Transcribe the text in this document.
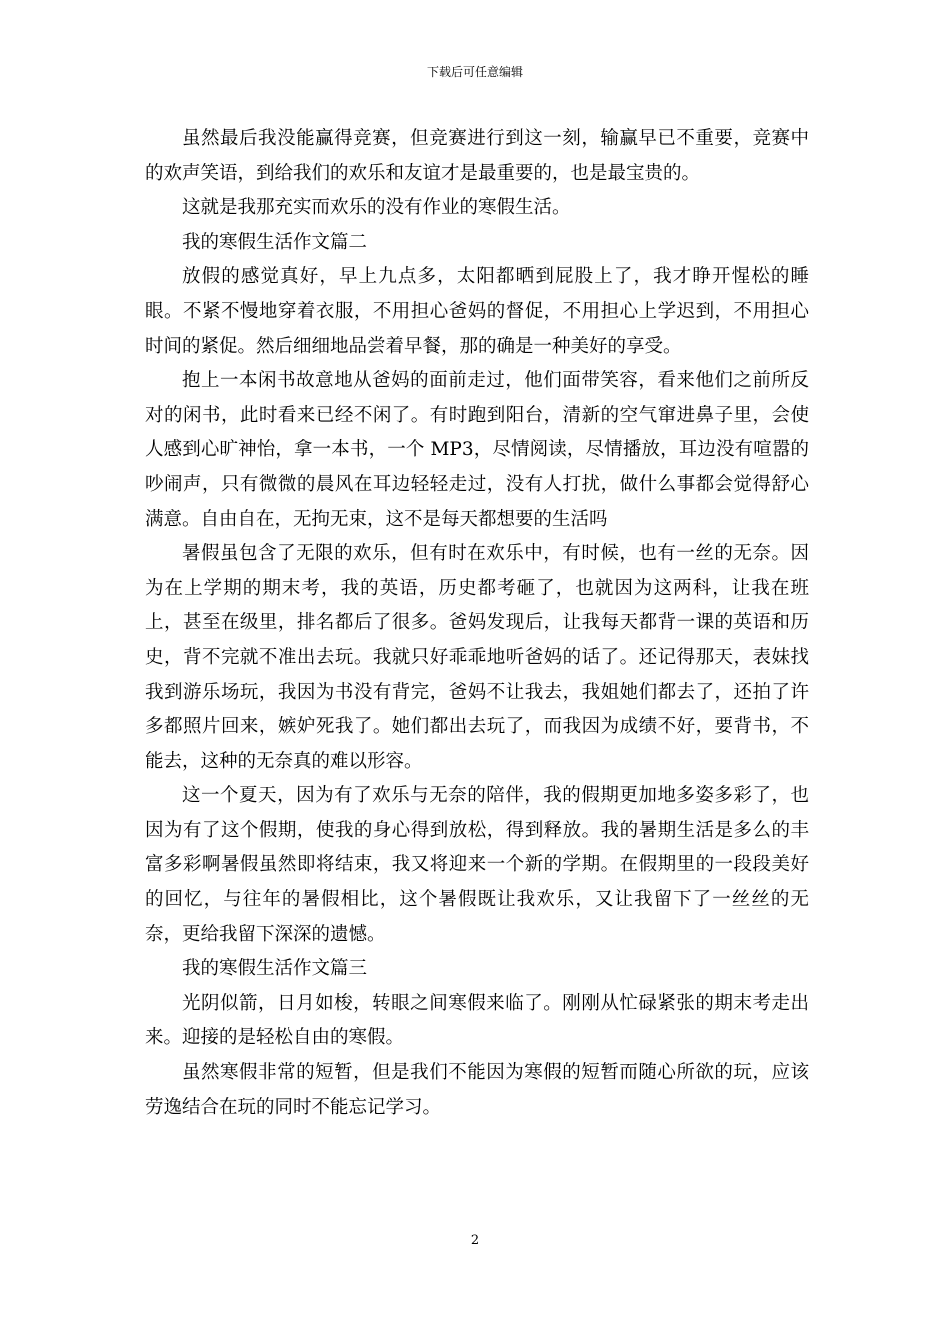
下载后可任意编辑

虽然最后我没能赢得竞赛，但竞赛进行到这一刻，输赢早已不重要，竞赛中的欢声笑语，到给我们的欢乐和友谊才是最重要的，也是最宝贵的。

这就是我那充实而欢乐的没有作业的寒假生活。

我的寒假生活作文篇二

放假的感觉真好，早上九点多，太阳都晒到屁股上了，我才睁开惺松的睡眼。不紧不慢地穿着衣服，不用担心爸妈的督促，不用担心上学迟到，不用担心时间的紧促。然后细细地品尝着早餐，那的确是一种美好的享受。

抱上一本闲书故意地从爸妈的面前走过，他们面带笑容，看来他们之前所反对的闲书，此时看来已经不闲了。有时跑到阳台，清新的空气窜进鼻子里，会使人感到心旷神怡，拿一本书，一个 MP3，尽情阅读，尽情播放，耳边没有喧嚣的吵闹声，只有微微的晨风在耳边轻轻走过，没有人打扰，做什么事都会觉得舒心满意。自由自在，无拘无束，这不是每天都想要的生活吗

暑假虽包含了无限的欢乐，但有时在欢乐中，有时候，也有一丝的无奈。因为在上学期的期末考，我的英语，历史都考砸了，也就因为这两科，让我在班上，甚至在级里，排名都后了很多。爸妈发现后，让我每天都背一课的英语和历史，背不完就不准出去玩。我就只好乖乖地听爸妈的话了。还记得那天，表妹找我到游乐场玩，我因为书没有背完，爸妈不让我去，我姐她们都去了，还拍了许多都照片回来，嫉妒死我了。她们都出去玩了，而我因为成绩不好，要背书，不能去，这种的无奈真的难以形容。

这一个夏天，因为有了欢乐与无奈的陪伴，我的假期更加地多姿多彩了，也因为有了这个假期，使我的身心得到放松，得到释放。我的暑期生活是多么的丰富多彩啊暑假虽然即将结束，我又将迎来一个新的学期。在假期里的一段段美好的回忆，与往年的暑假相比，这个暑假既让我欢乐，又让我留下了一丝丝的无奈，更给我留下深深的遗憾。

我的寒假生活作文篇三

光阴似箭，日月如梭，转眼之间寒假来临了。刚刚从忙碌紧张的期末考走出来。迎接的是轻松自由的寒假。

虽然寒假非常的短暂，但是我们不能因为寒假的短暂而随心所欲的玩，应该劳逸结合在玩的同时不能忘记学习。

2
